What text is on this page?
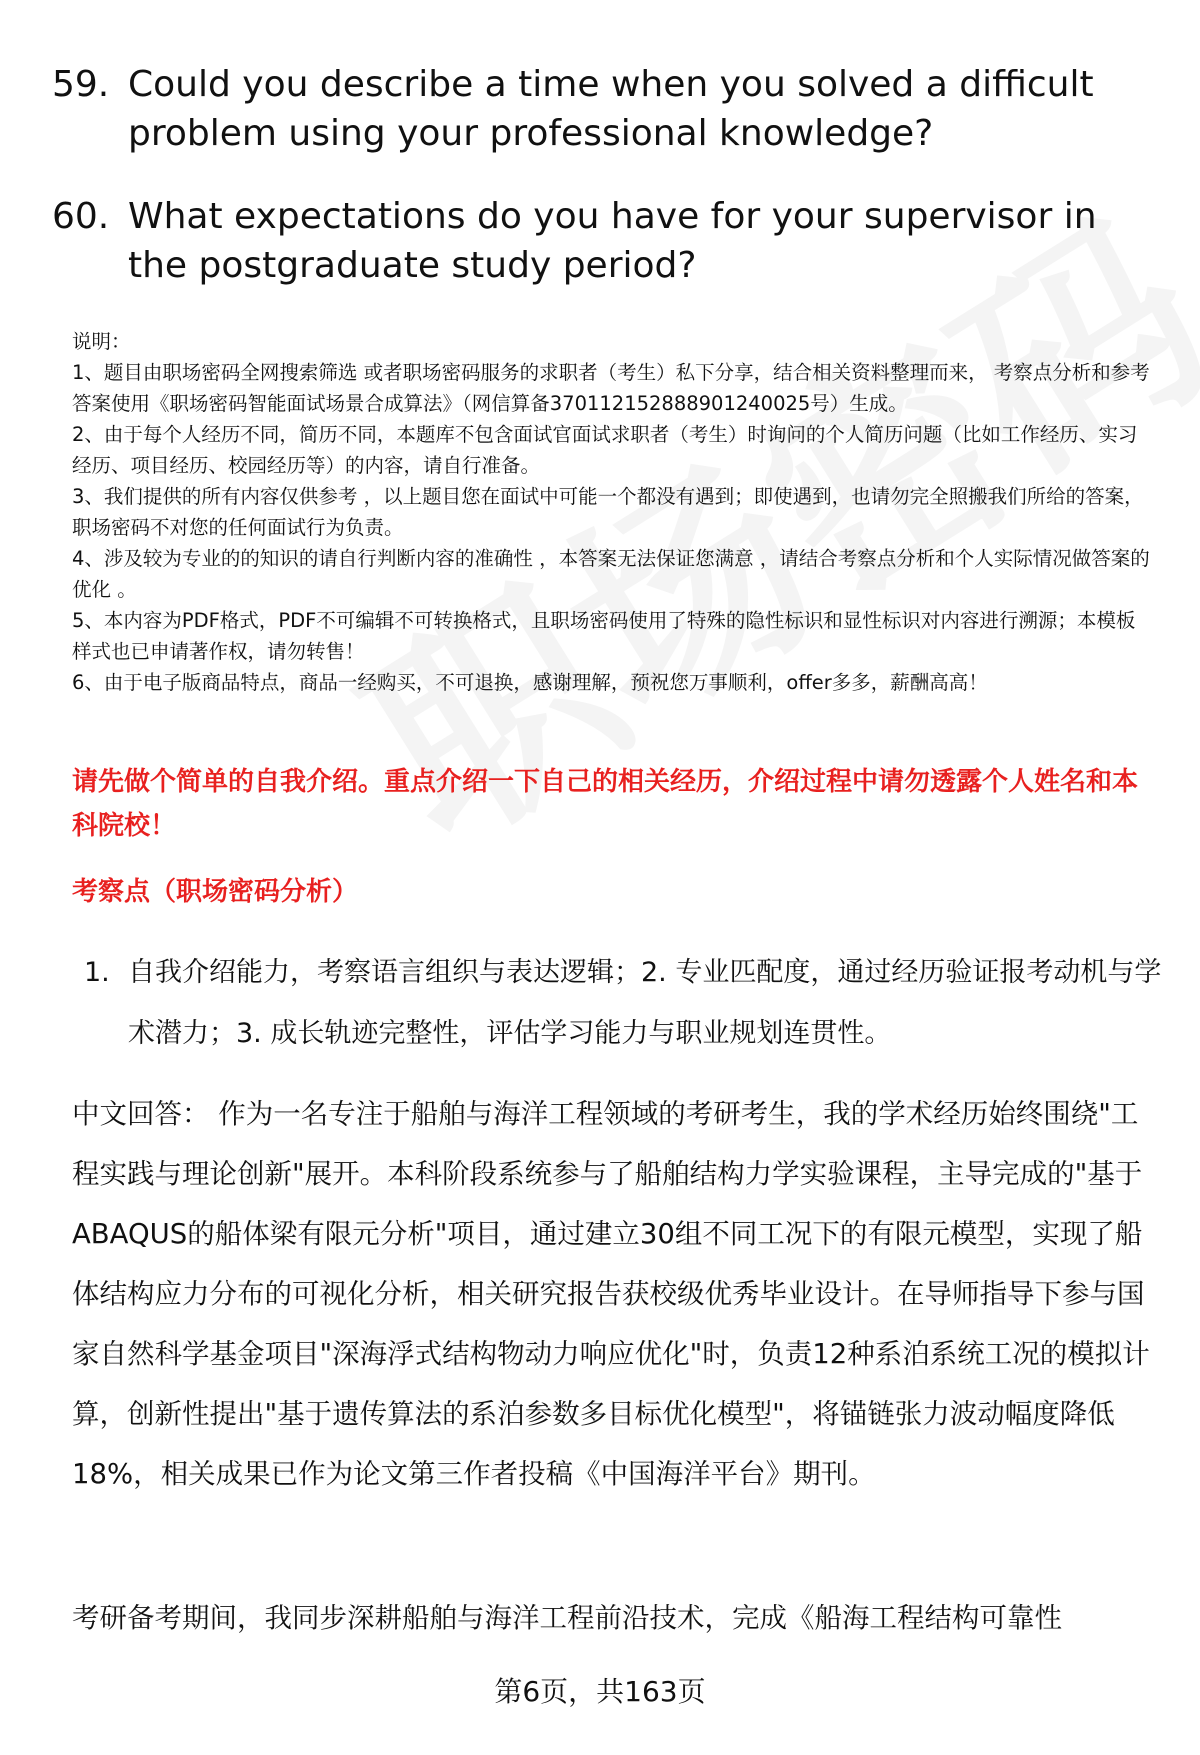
59. Could you describe a time when you solved a difficult problem using your professional knowledge?
60. What expectations do you have for your supervisor in the postgraduate study period?
说明：
1、题目由职场密码全网搜索筛选 或者职场密码服务的求职者（考生）私下分享，结合相关资料整理而来， 考察点分析和参考答案使用《职场密码智能面试场景合成算法》（网信算备370112152888901240025号）生成。
2、由于每个人经历不同，简历不同，本题库不包含面试官面试求职者（考生）时询问的个人简历问题（比如工作经历、实习经历、项目经历、校园经历等）的内容，请自行准备。
3、我们提供的所有内容仅供参考 ，以上题目您在面试中可能一个都没有遇到；即使遇到，也请勿完全照搬我们所给的答案，职场密码不对您的任何面试行为负责。
4、涉及较为专业的的知识的请自行判断内容的准确性 ，本答案无法保证您满意 ，请结合考察点分析和个人实际情况做答案的优化 。
5、本内容为PDF格式，PDF不可编辑不可转换格式，且职场密码使用了特殊的隐性标识和显性标识对内容进行溯源；本模板样式也已申请著作权，请勿转售！
6、由于电子版商品特点，商品一经购买，不可退换，感谢理解，预祝您万事顺利，offer多多，薪酬高高！
请先做个简单的自我介绍。重点介绍一下自己的相关经历，介绍过程中请勿透露个人姓名和本科院校！
考察点（职场密码分析）
1. 自我介绍能力，考察语言组织与表达逻辑；2. 专业匹配度，通过经历验证报考动机与学术潜力；3. 成长轨迹完整性，评估学习能力与职业规划连贯性。
中文回答： 作为一名专注于船舶与海洋工程领域的考研考生，我的学术经历始终围绕"工程实践与理论创新"展开。本科阶段系统参与了船舶结构力学实验课程，主导完成的"基于ABAQUS的船体梁有限元分析"项目，通过建立30组不同工况下的有限元模型，实现了船体结构应力分布的可视化分析，相关研究报告获校级优秀毕业设计。在导师指导下参与国家自然科学基金项目"深海浮式结构物动力响应优化"时，负责12种系泊系统工况的模拟计算，创新性提出"基于遗传算法的系泊参数多目标优化模型"，将锚链张力波动幅度降低18%，相关成果已作为论文第三作者投稿《中国海洋平台》期刊。
考研备考期间，我同步深耕船舶与海洋工程前沿技术，完成《船海工程结构可靠性
第6页，共163页
